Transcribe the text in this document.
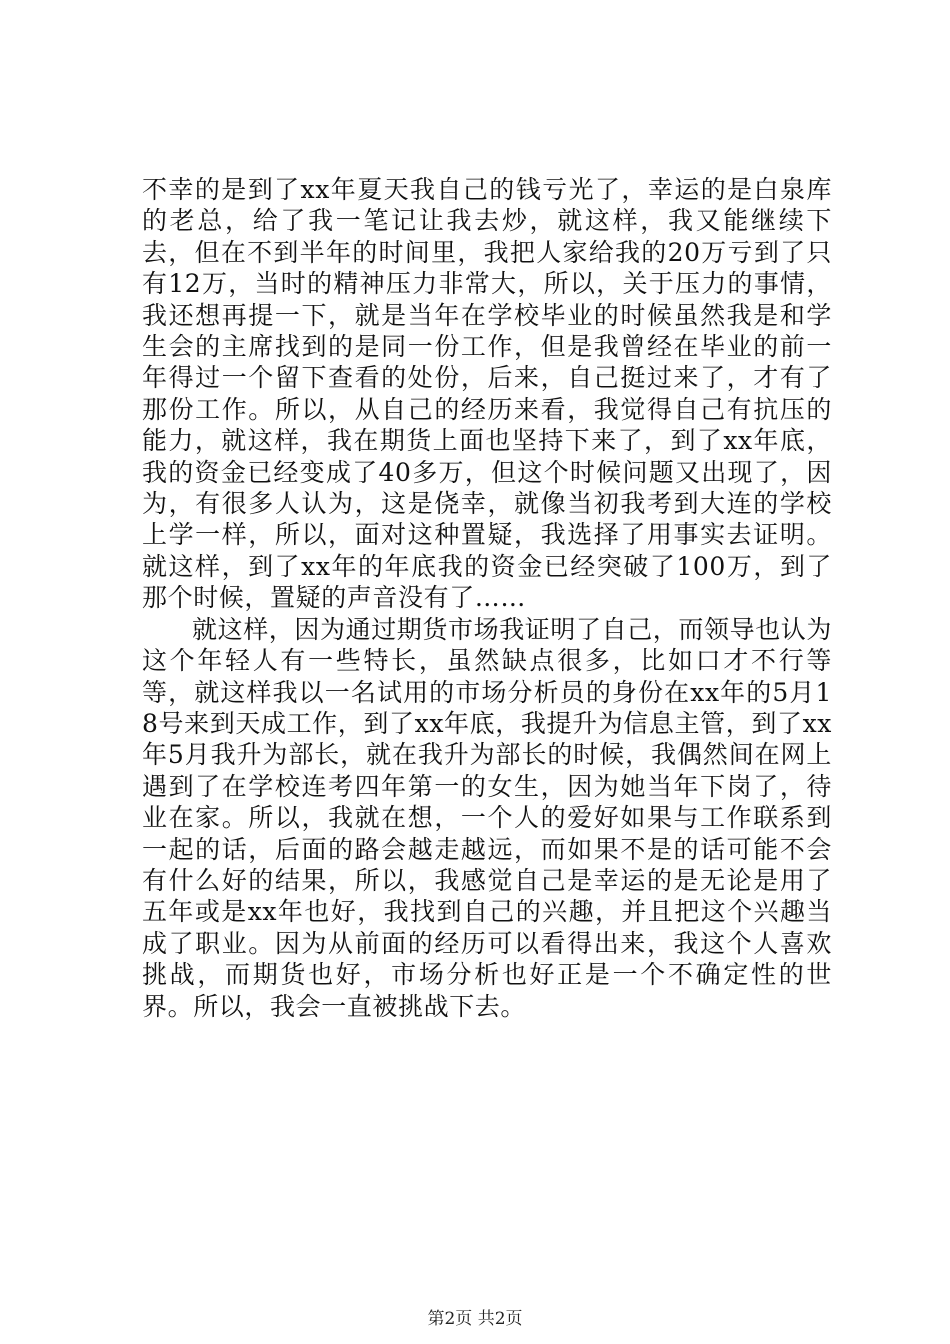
不幸的是到了xx年夏天我自己的钱亏光了，幸运的是白泉库的老总，给了我一笔记让我去炒，就这样，我又能继续下去，但在不到半年的时间里，我把人家给我的20万亏到了只有12万，当时的精神压力非常大，所以，关于压力的事情，我还想再提一下，就是当年在学校毕业的时候虽然我是和学生会的主席找到的是同一份工作，但是我曾经在毕业的前一年得过一个留下查看的处份，后来，自己挺过来了，才有了那份工作。所以，从自己的经历来看，我觉得自己有抗压的能力，就这样，我在期货上面也坚持下来了，到了xx年底，我的资金已经变成了40多万，但这个时候问题又出现了，因为，有很多人认为，这是侥幸，就像当初我考到大连的学校上学一样，所以，面对这种置疑，我选择了用事实去证明。就这样，到了xx年的年底我的资金已经突破了100万，到了那个时候，置疑的声音没有了……

就这样，因为通过期货市场我证明了自己，而领导也认为这个年轻人有一些特长，虽然缺点很多，比如口才不行等等，就这样我以一名试用的市场分析员的身份在xx年的5月18号来到天成工作，到了xx年底，我提升为信息主管，到了xx年5月我升为部长，就在我升为部长的时候，我偶然间在网上遇到了在学校连考四年第一的女生，因为她当年下岗了，待业在家。所以，我就在想，一个人的爱好如果与工作联系到一起的话，后面的路会越走越远，而如果不是的话可能不会有什么好的结果，所以，我感觉自己是幸运的是无论是用了五年或是xx年也好，我找到自己的兴趣，并且把这个兴趣当成了职业。因为从前面的经历可以看得出来，我这个人喜欢挑战，而期货也好，市场分析也好正是一个不确定性的世界。所以，我会一直被挑战下去。

第2页 共2页
